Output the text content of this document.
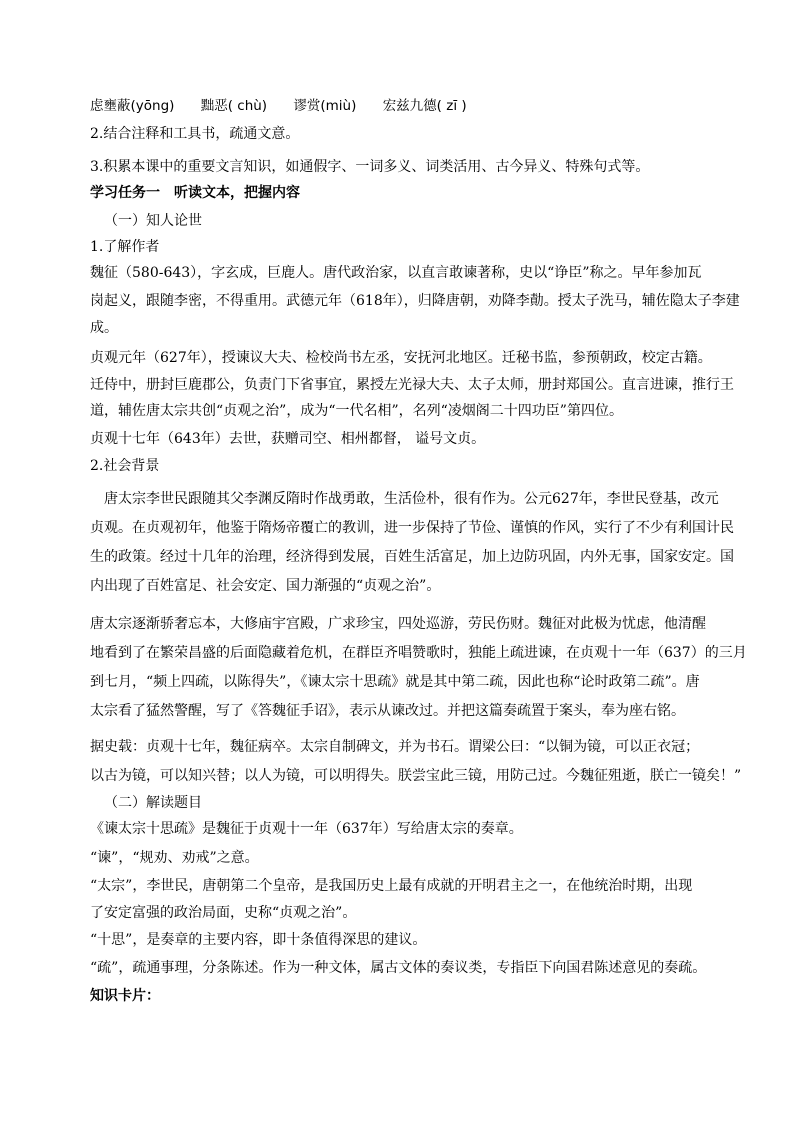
虑壅蔽(yōng) 黜恶( chù) 谬赏(miù) 宏兹九德( zī )
2.结合注释和工具书，疏通文意。
3.积累本课中的重要文言知识，如通假字、一词多义、词类活用、古今异义、特殊句式等。
学习任务一　听读文本，把握内容
（一）知人论世
1.了解作者
魏征（580-643），字玄成，巨鹿人。唐代政治家，以直言敢谏著称，史以“诤臣”称之。早年参加瓦
岗起义，跟随李密，不得重用。武德元年（618年），归降唐朝，劝降李勣。授太子洗马，辅佐隐太子李建
成。
贞观元年（627年），授谏议大夫、检校尚书左丞，安抚河北地区。迁秘书监，参预朝政，校定古籍。
迁侍中，册封巨鹿郡公，负责门下省事宜，累授左光禄大夫、太子太师，册封郑国公。直言进谏，推行王
道，辅佐唐太宗共创“贞观之治”，成为“一代名相”，名列“凌烟阁二十四功臣”第四位。
贞观十七年（643年）去世，获赠司空、相州都督， 谥号文贞。
2.社会背景
唐太宗李世民跟随其父李渊反隋时作战勇敢，生活俭朴，很有作为。公元627年，李世民登基，改元
贞观。在贞观初年，他鉴于隋炀帝覆亡的教训，进一步保持了节俭、谨慎的作风，实行了不少有利国计民
生的政策。经过十几年的治理，经济得到发展，百姓生活富足，加上边防巩固，内外无事，国家安定。国
内出现了百姓富足、社会安定、国力渐强的“贞观之治”。
唐太宗逐渐骄奢忘本，大修庙宇宫殿，广求珍宝，四处巡游，劳民伤财。魏征对此极为忧虑，他清醒
地看到了在繁荣昌盛的后面隐藏着危机，在群臣齐唱赞歌时，独能上疏进谏，在贞观十一年（637）的三月
到七月，“频上四疏，以陈得失”，《谏太宗十思疏》就是其中第二疏，因此也称“论时政第二疏”。唐
太宗看了猛然警醒，写了《答魏征手诏》，表示从谏改过。并把这篇奏疏置于案头，奉为座右铭。
据史载：贞观十七年，魏征病卒。太宗自制碑文，并为书石。谓梁公曰：“以铜为镜，可以正衣冠；
以古为镜，可以知兴替；以人为镜，可以明得失。朕尝宝此三镜，用防己过。今魏征殂逝，朕亡一镜矣！”
（二）解读题目
《谏太宗十思疏》是魏征于贞观十一年（637年）写给唐太宗的奏章。
“谏”，“规劝、劝戒”之意。
“太宗”，李世民，唐朝第二个皇帝，是我国历史上最有成就的开明君主之一，在他统治时期，出现
了安定富强的政治局面，史称“贞观之治”。
“十思”，是奏章的主要内容，即十条值得深思的建议。
“疏”，疏通事理，分条陈述。作为一种文体，属古文体的奏议类，专指臣下向国君陈述意见的奏疏。
知识卡片：
